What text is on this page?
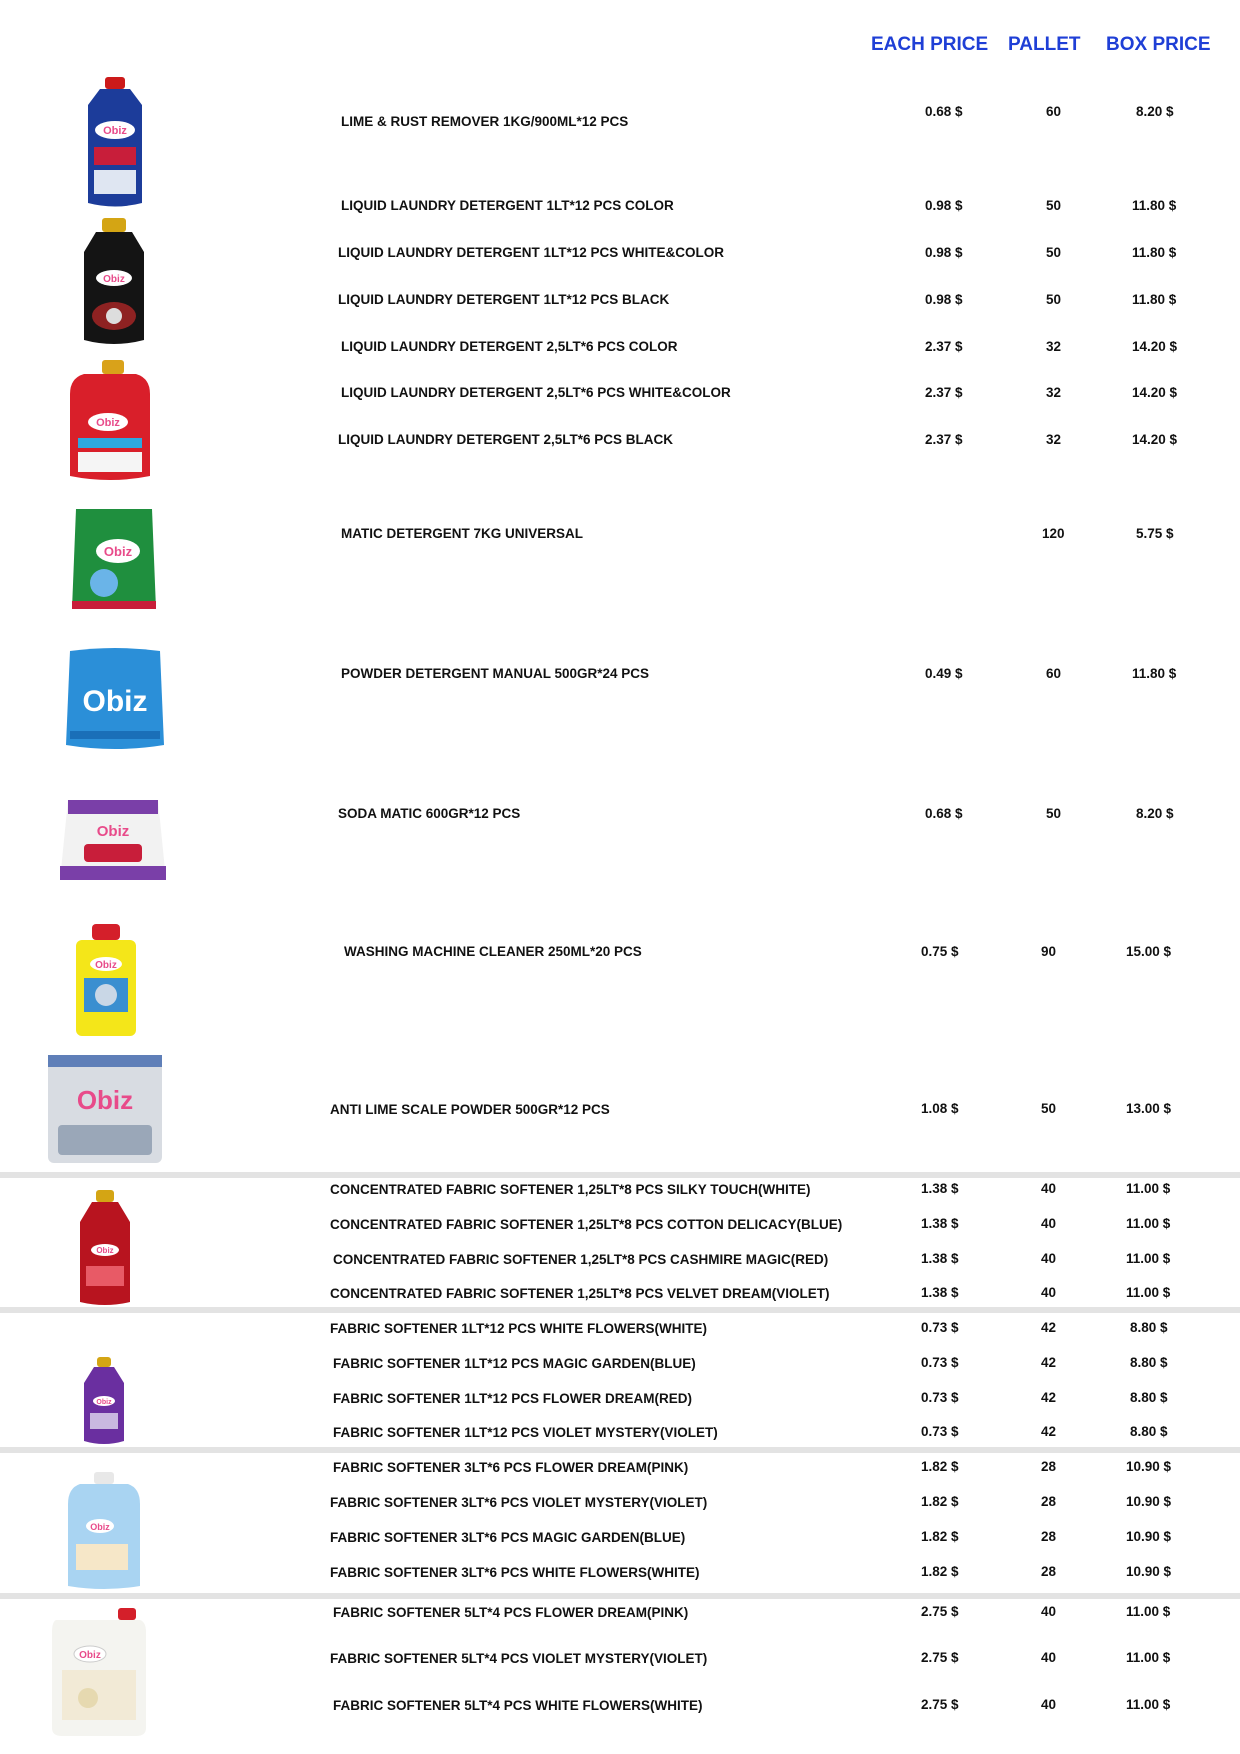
EACH PRICE PALLET BOX PRICE
Obiz
Obiz
Obiz
Obiz
Obiz
Obiz
Obiz
Obiz
Obiz
Obiz
Obiz
Obiz
LIME & RUST REMOVER 1KG/900ML*12 PCS
LIQUID LAUNDRY DETERGENT 1LT*12 PCS COLOR
LIQUID LAUNDRY DETERGENT 1LT*12 PCS WHITE&COLOR
LIQUID LAUNDRY DETERGENT 1LT*12 PCS BLACK
LIQUID LAUNDRY DETERGENT 2,5LT*6 PCS COLOR
LIQUID LAUNDRY DETERGENT 2,5LT*6 PCS WHITE&COLOR
LIQUID LAUNDRY DETERGENT 2,5LT*6 PCS BLACK
MATIC DETERGENT 7KG UNIVERSAL
POWDER DETERGENT MANUAL 500GR*24 PCS
SODA MATIC 600GR*12 PCS
WASHING MACHINE CLEANER 250ML*20 PCS
ANTI LIME SCALE POWDER 500GR*12 PCS
CONCENTRATED FABRIC SOFTENER 1,25LT*8 PCS SILKY TOUCH(WHITE)
CONCENTRATED FABRIC SOFTENER 1,25LT*8 PCS COTTON DELICACY(BLUE)
CONCENTRATED FABRIC SOFTENER 1,25LT*8 PCS CASHMIRE MAGIC(RED)
CONCENTRATED FABRIC SOFTENER 1,25LT*8 PCS VELVET DREAM(VIOLET)
FABRIC SOFTENER 1LT*12 PCS WHITE FLOWERS(WHITE)
FABRIC SOFTENER 1LT*12 PCS MAGIC GARDEN(BLUE)
FABRIC SOFTENER 1LT*12 PCS FLOWER DREAM(RED)
FABRIC SOFTENER 1LT*12 PCS VIOLET MYSTERY(VIOLET)
FABRIC SOFTENER 3LT*6 PCS FLOWER DREAM(PINK)
FABRIC SOFTENER 3LT*6 PCS VIOLET MYSTERY(VIOLET)
FABRIC SOFTENER 3LT*6 PCS MAGIC GARDEN(BLUE)
FABRIC SOFTENER 3LT*6 PCS WHITE FLOWERS(WHITE)
FABRIC SOFTENER 5LT*4 PCS FLOWER DREAM(PINK)
FABRIC SOFTENER 5LT*4 PCS VIOLET MYSTERY(VIOLET)
FABRIC SOFTENER 5LT*4 PCS WHITE FLOWERS(WHITE)
0.68 $
0.98 $
0.98 $
0.98 $
2.37 $
2.37 $
2.37 $
0.49 $
0.68 $
0.75 $
1.08 $
1.38 $
1.38 $
1.38 $
1.38 $
0.73 $
0.73 $
0.73 $
0.73 $
1.82 $
1.82 $
1.82 $
1.82 $
2.75 $
2.75 $
2.75 $
60
50
50
50
32
32
32
120
60
50
90
50
40
40
40
40
42
42
42
42
28
28
28
28
40
40
40
8.20 $
11.80 $
11.80 $
11.80 $
14.20 $
14.20 $
14.20 $
5.75 $
11.80 $
8.20 $
15.00 $
13.00 $
11.00 $
11.00 $
11.00 $
11.00 $
8.80 $
8.80 $
8.80 $
8.80 $
10.90 $
10.90 $
10.90 $
10.90 $
11.00 $
11.00 $
11.00 $
